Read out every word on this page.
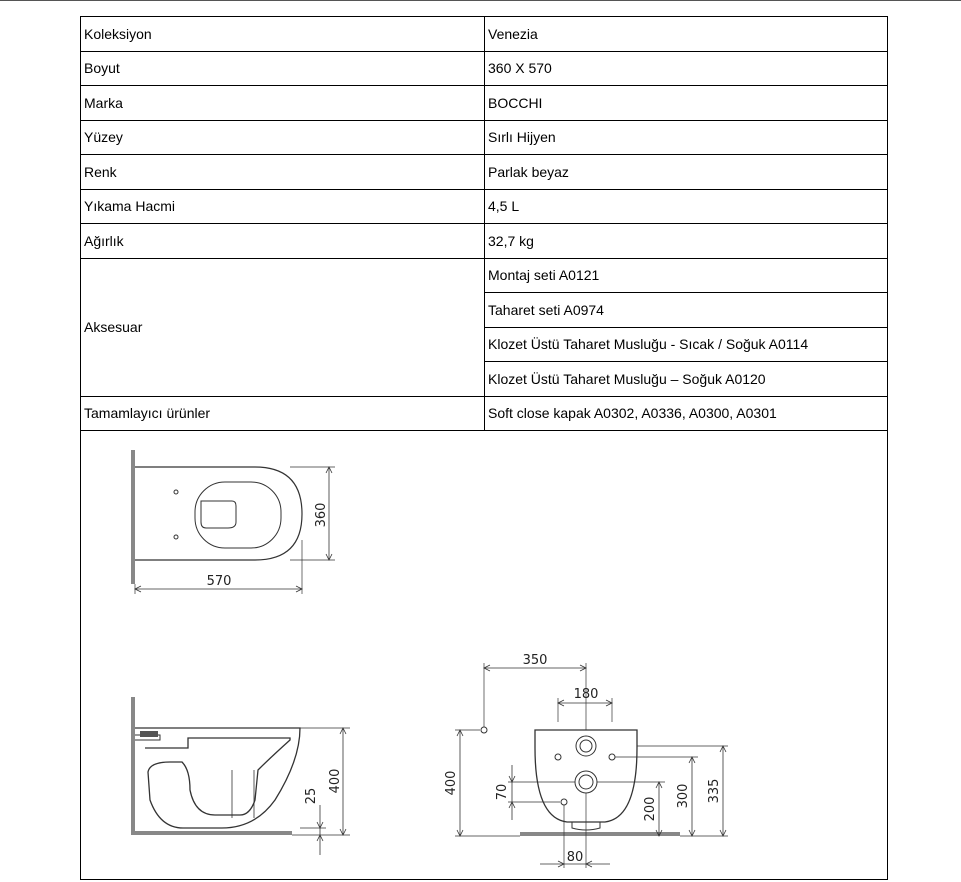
Koleksiyon	Venezia
Boyut	360 X 570
Marka	BOCCHI
Yüzey	Sırlı Hijyen
Renk	Parlak beyaz
Yıkama Hacmi	4,5 L
Ağırlık	32,7 kg
Aksesuar	Montaj seti A0121
	Taharet seti A0974
	Klozet Üstü Taharet Musluğu - Sıcak / Soğuk A0114
	Klozet Üstü Taharet Musluğu – Soğuk A0120
Tamamlayıcı ürünler	Soft close kapak A0302, A0336, A0300, A0301
570
360
400
25
350
180
400	70
200
300 335
80
